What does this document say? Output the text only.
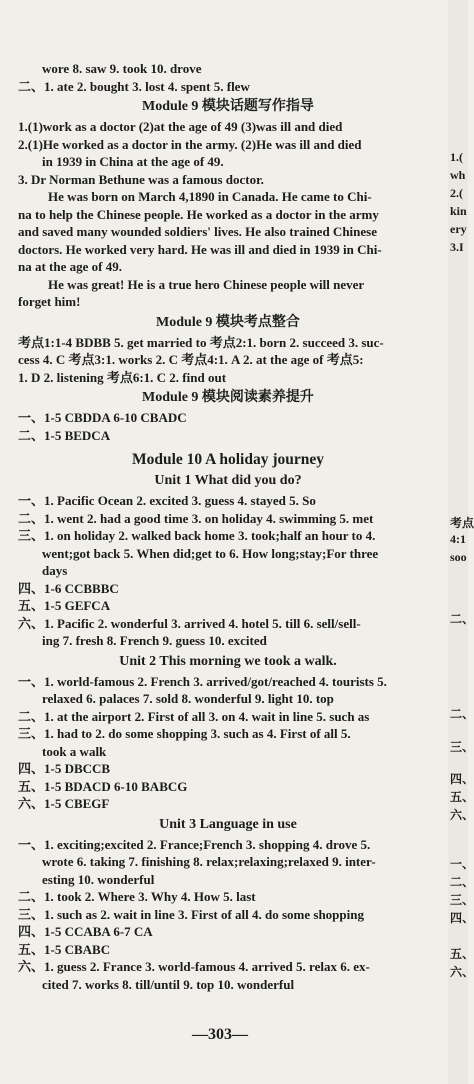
wore 8. saw 9. took 10. drove
二、1. ate 2. bought 3. lost 4. spent 5. flew
Module 9 模块话题写作指导
1.(1)work as a doctor (2)at the age of 49 (3)was ill and died
2.(1)He worked as a doctor in the army. (2)He was ill and died
in 1939 in China at the age of 49.
3. Dr Norman Bethune was a famous doctor.
He was born on March 4,1890 in Canada. He came to Chi-
na to help the Chinese people. He worked as a doctor in the army
and saved many wounded soldiers' lives. He also trained Chinese
doctors. He worked very hard. He was ill and died in 1939 in Chi-
na at the age of 49.
He was great! He is a true hero Chinese people will never
forget him!
Module 9 模块考点整合
考点1:1-4 BDBB 5. get married to 考点2:1. born 2. succeed 3. suc-
cess 4. C 考点3:1. works 2. C 考点4:1. A 2. at the age of 考点5:
1. D 2. listening 考点6:1. C 2. find out
Module 9 模块阅读素养提升
一、1-5 CBDDA 6-10 CBADC
二、1-5 BEDCA
Module 10 A holiday journey
Unit 1 What did you do?
一、1. Pacific Ocean 2. excited 3. guess 4. stayed 5. So
二、1. went 2. had a good time 3. on holiday 4. swimming 5. met
三、1. on holiday 2. walked back home 3. took;half an hour to 4.
went;got back 5. When did;get to 6. How long;stay;For three
days
四、1-6 CCBBBC
五、1-5 GEFCA
六、1. Pacific 2. wonderful 3. arrived 4. hotel 5. till 6. sell/sell-
ing 7. fresh 8. French 9. guess 10. excited
Unit 2 This morning we took a walk.
一、1. world-famous 2. French 3. arrived/got/reached 4. tourists 5.
relaxed 6. palaces 7. sold 8. wonderful 9. light 10. top
二、1. at the airport 2. First of all 3. on 4. wait in line 5. such as
三、1. had to 2. do some shopping 3. such as 4. First of all 5.
took a walk
四、1-5 DBCCB
五、1-5 BDACD 6-10 BABCG
六、1-5 CBEGF
Unit 3 Language in use
一、1. exciting;excited 2. France;French 3. shopping 4. drove 5.
wrote 6. taking 7. finishing 8. relax;relaxing;relaxed 9. inter-
esting 10. wonderful
二、1. took 2. Where 3. Why 4. How 5. last
三、1. such as 2. wait in line 3. First of all 4. do some shopping
四、1-5 CCABA 6-7 CA
五、1-5 CBABC
六、1. guess 2. France 3. world-famous 4. arrived 5. relax 6. ex-
cited 7. works 8. till/until 9. top 10. wonderful
—303—
1.(
wh
2.(
kin
ery
3.I
考点
4:1
soo
二、
二、
三、
四、
五、
六、
一、
二、
三、
四、
五、
六、
